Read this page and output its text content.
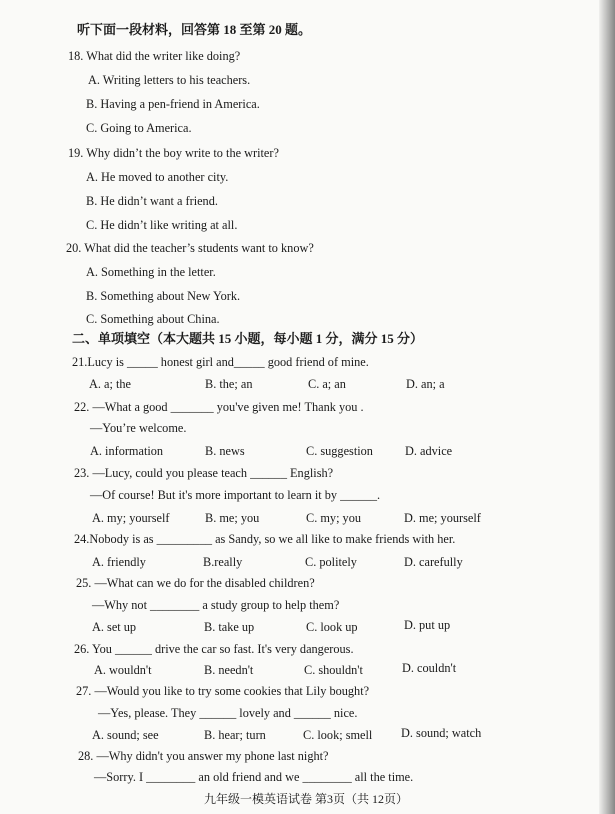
听下面一段材料，回答第 18 至第 20 题。
18. What did the writer like doing?
A. Writing letters to his teachers.
B. Having a pen-friend in America.
C. Going to America.
19. Why didn’t the boy write to the writer?
A. He moved to another city.
B. He didn’t want a friend.
C. He didn’t like writing at all.
20. What did the teacher’s students want to know?
A. Something in the letter.
B. Something about New York.
C. Something about China.
二、单项填空（本大题共 15 小题，每小题 1 分，满分 15 分）
21.Lucy is _____ honest girl and_____ good friend of mine.
A. a; the	B. the; an	C. a; an	D. an; a
22. —What a good _______ you've given me! Thank you .
—You’re welcome.
A. information	B. news	C. suggestion	D. advice
23. —Lucy, could you please teach ______ English?
—Of course! But it's more important to learn it by ______.
A. my; yourself	B. me; you	C. my; you	D. me; yourself
24.Nobody is as _________ as Sandy, so we all like to make friends with her.
A. friendly	B.really	C. politely	D. carefully
25. —What can we do for the disabled children?
—Why not ________ a study group to help them?
A. set up	B. take up	C. look up	D. put up
26. You ______ drive the car so fast. It's very dangerous.
A. wouldn't	B. needn't	C. shouldn't	D. couldn't
27. —Would you like to try some cookies that Lily bought?
—Yes, please. They ______ lovely and ______ nice.
A. sound; see	B. hear; turn	C. look; smell D. sound; watch
28. —Why didn't you answer my phone last night?
—Sorry. I ________ an old friend and we ________ all the time.
九年级一模英语试卷 第3页（共 12页）
